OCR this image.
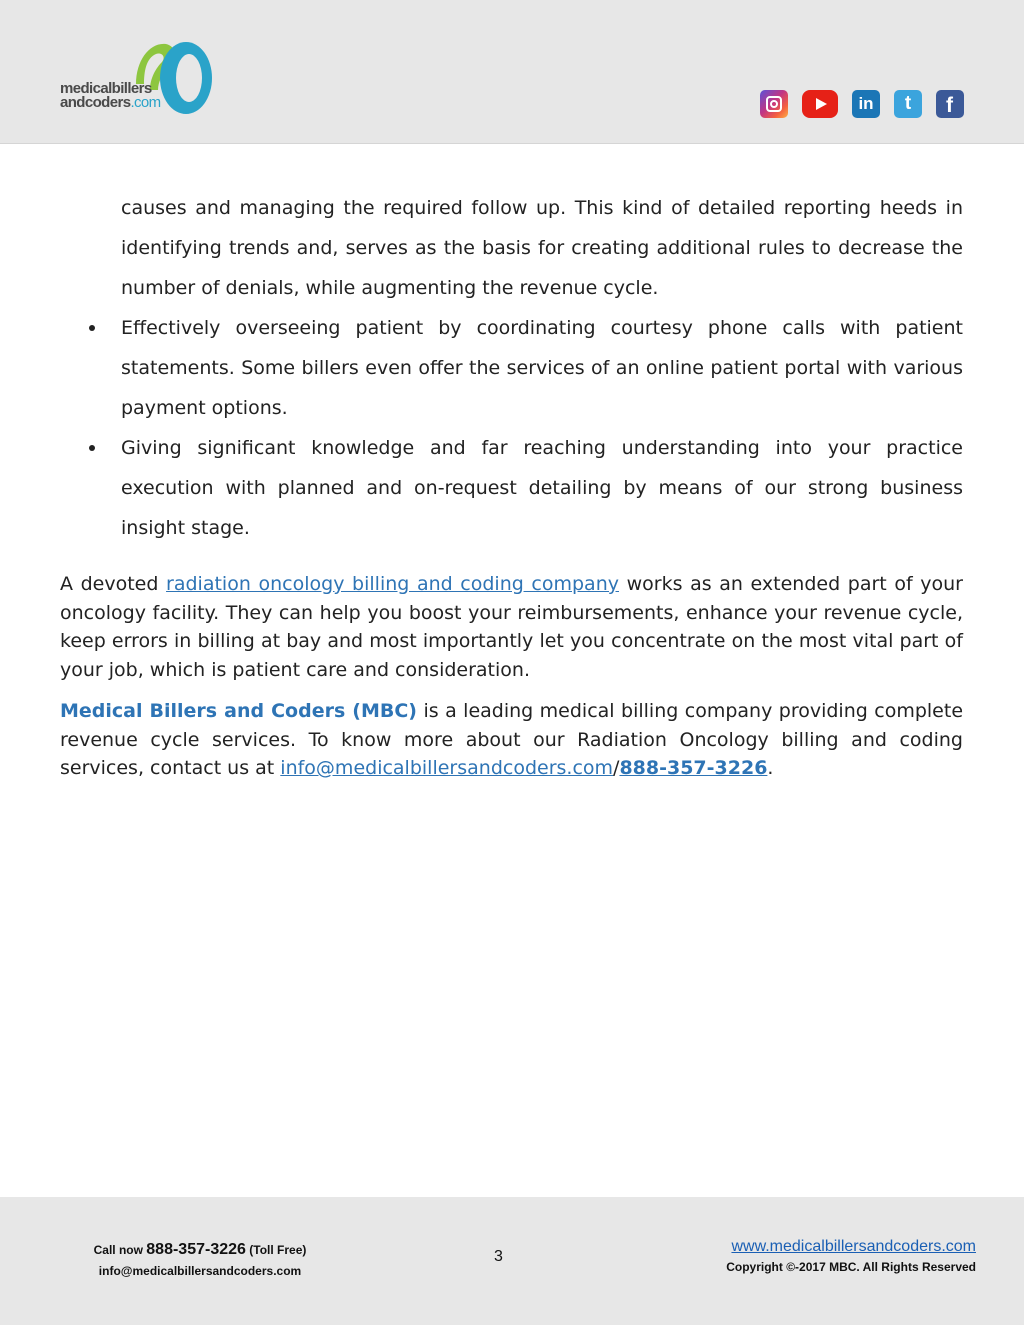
medicalbillers
andcoders.com	in	t	f

causes and managing the required follow up. This kind of detailed reporting heeds in identifying trends and, serves as the basis for creating additional rules to decrease the number of denials, while augmenting the revenue cycle.

Effectively overseeing patient by coordinating courtesy phone calls with patient statements. Some billers even offer the services of an online patient portal with various payment options.
Giving significant knowledge and far reaching understanding into your practice execution with planned and on-request detailing by means of our strong business insight stage.

A devoted radiation oncology billing and coding company works as an extended part of your oncology facility. They can help you boost your reimbursements, enhance your revenue cycle, keep errors in billing at bay and most importantly let you concentrate on the most vital part of your job, which is patient care and consideration.

Medical Billers and Coders (MBC) is a leading medical billing company providing complete revenue cycle services. To know more about our Radiation Oncology billing and coding services, contact us at info@medicalbillersandcoders.com/888-357-3226.

Call now 888-357-3226 (Toll Free)
info@medicalbillersandcoders.com
3
www.medicalbillersandcoders.com
Copyright ©-2017 MBC. All Rights Reserved
